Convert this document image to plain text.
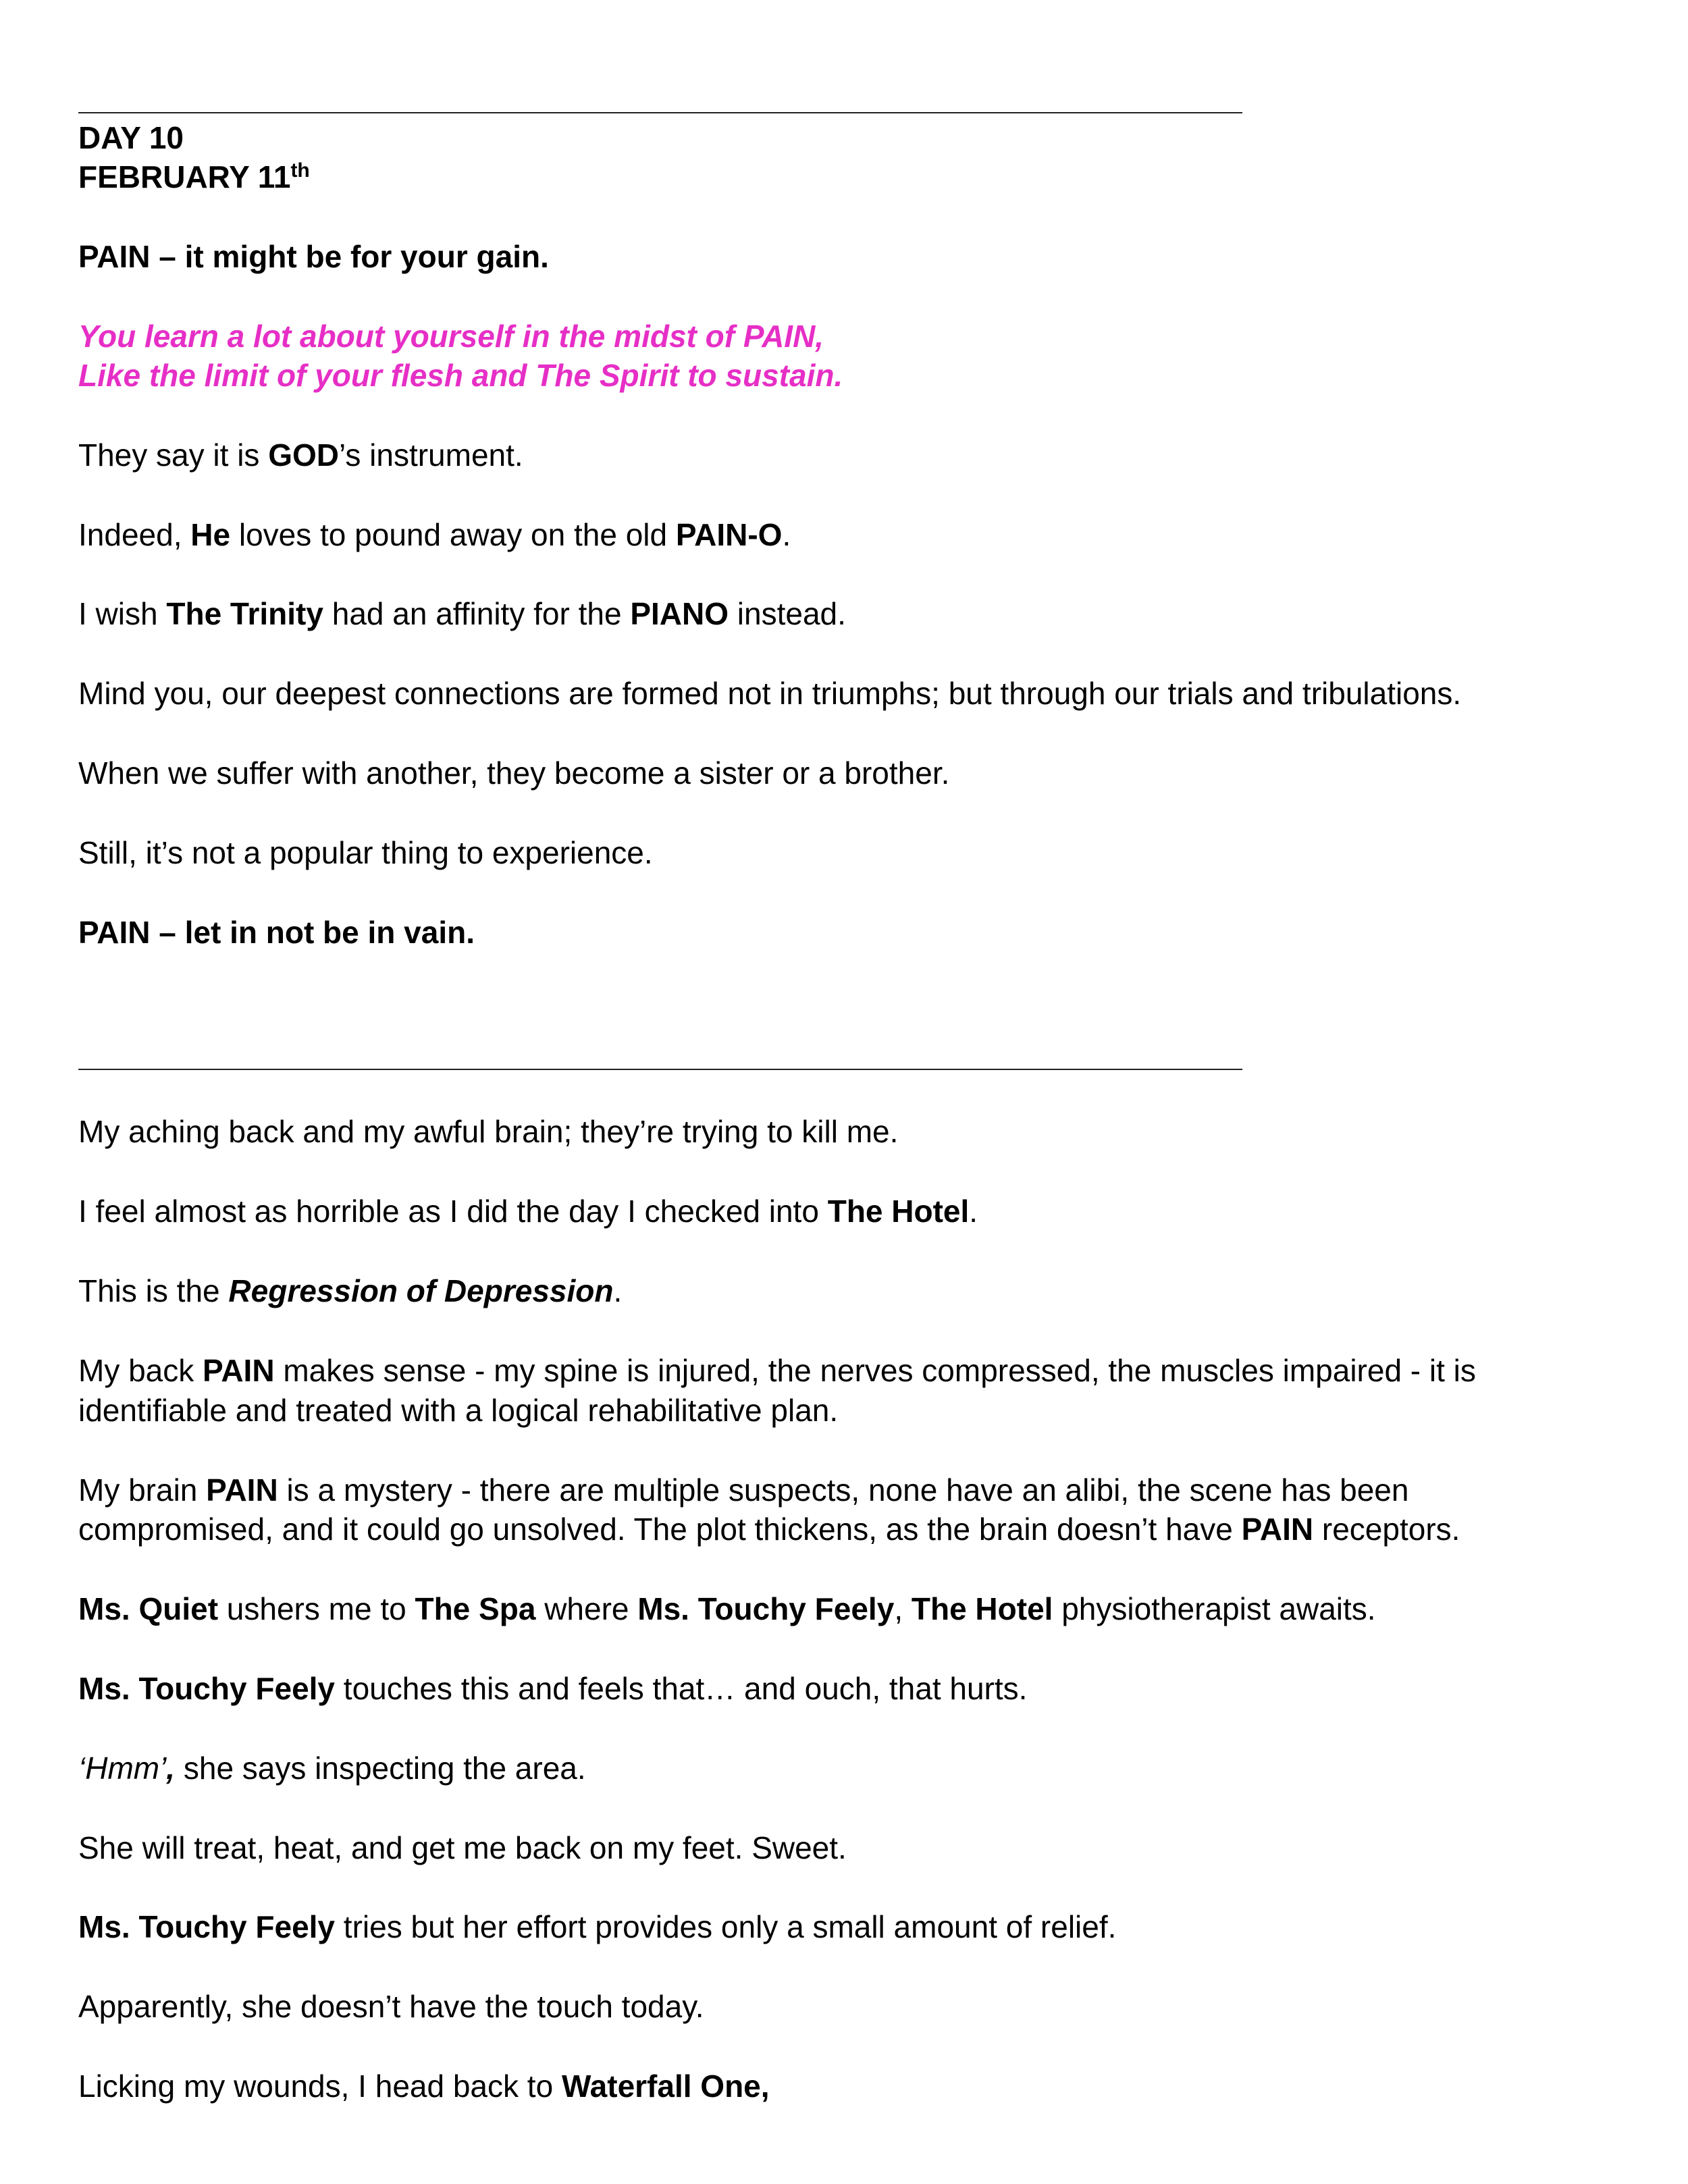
DAY 10
FEBRUARY 11th
PAIN – it might be for your gain.
You learn a lot about yourself in the midst of PAIN,
Like the limit of your flesh and The Spirit to sustain.
They say it is GOD’s instrument.
Indeed, He loves to pound away on the old PAIN-O.
I wish The Trinity had an affinity for the PIANO instead.
Mind you, our deepest connections are formed not in triumphs; but through our trials and tribulations.
When we suffer with another, they become a sister or a brother.
Still, it’s not a popular thing to experience.
PAIN – let in not be in vain.
My aching back and my awful brain; they’re trying to kill me.
I feel almost as horrible as I did the day I checked into The Hotel.
This is the Regression of Depression.
My back PAIN makes sense - my spine is injured, the nerves compressed, the muscles impaired - it is
identifiable and treated with a logical rehabilitative plan.
My brain PAIN is a mystery - there are multiple suspects, none have an alibi, the scene has been
compromised, and it could go unsolved. The plot thickens, as the brain doesn’t have PAIN receptors.
Ms. Quiet ushers me to The Spa where Ms. Touchy Feely, The Hotel physiotherapist awaits.
Ms. Touchy Feely touches this and feels that… and ouch, that hurts.
‘Hmm’, she says inspecting the area.
She will treat, heat, and get me back on my feet. Sweet.
Ms. Touchy Feely tries but her effort provides only a small amount of relief.
Apparently, she doesn’t have the touch today.
Licking my wounds, I head back to Waterfall One,
